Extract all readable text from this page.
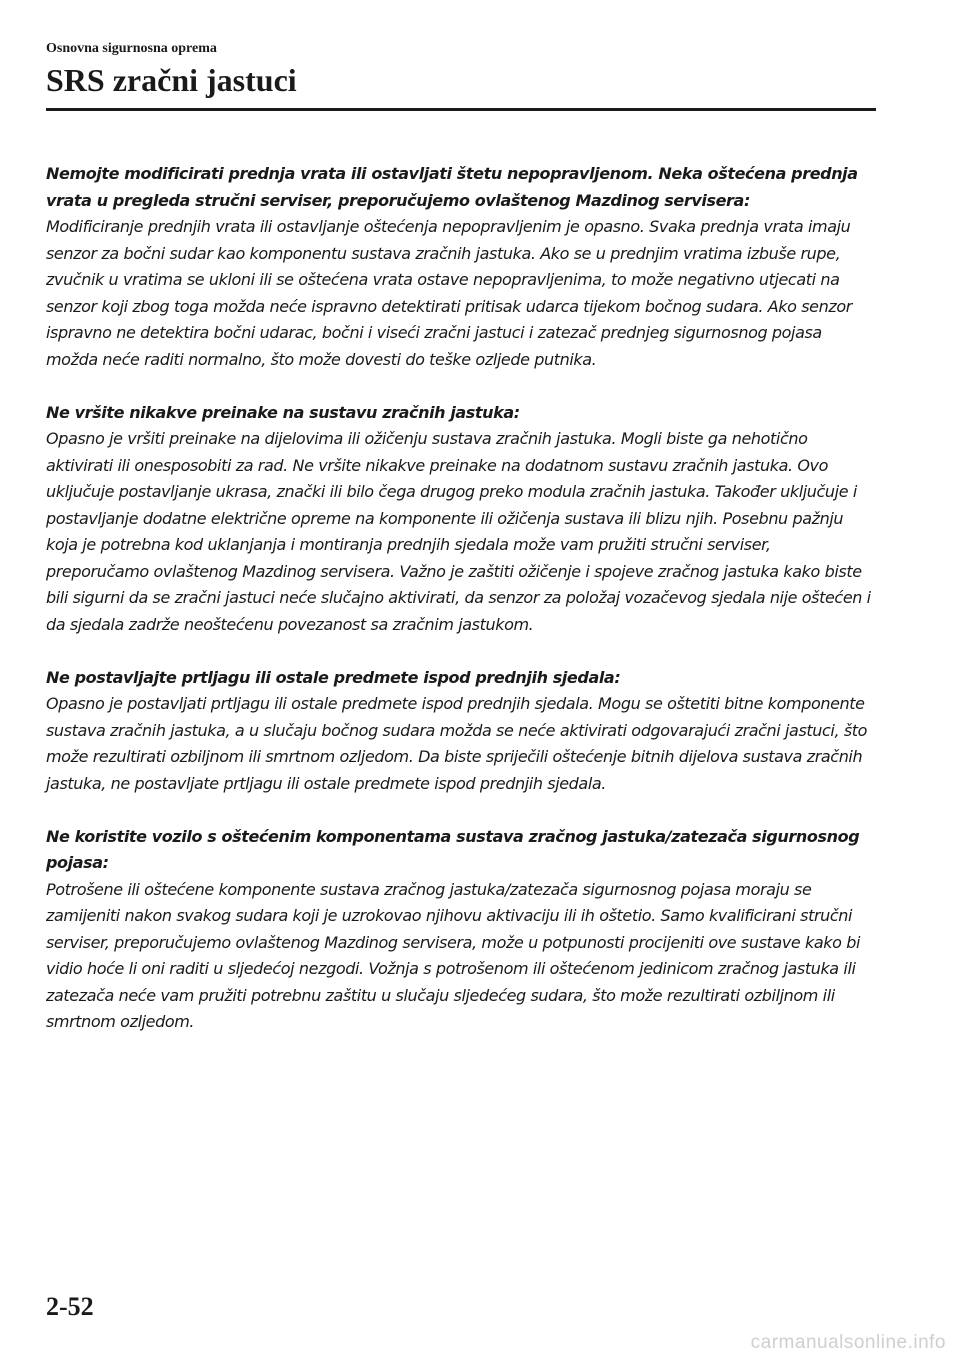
Osnovna sigurnosna oprema
SRS zračni jastuci
Nemojte modificirati prednja vrata ili ostavljati štetu nepopravljenom. Neka oštećena prednja vrata u pregleda stručni serviser, preporučujemo ovlaštenog Mazdinog servisera:

Modificiranje prednjih vrata ili ostavljanje oštećenja nepopravljenim je opasno. Svaka prednja vrata imaju senzor za bočni sudar kao komponentu sustava zračnih jastuka. Ako se u prednjim vratima izbuše rupe, zvučnik u vratima se ukloni ili se oštećena vrata ostave nepopravljenima, to može negativno utjecati na senzor koji zbog toga možda neće ispravno detektirati pritisak udarca tijekom bočnog sudara. Ako senzor ispravno ne detektira bočni udarac, bočni i viseći zračni jastuci i zatezač prednjeg sigurnosnog pojasa možda neće raditi normalno, što može dovesti do teške ozljede putnika.

Ne vršite nikakve preinake na sustavu zračnih jastuka:

Opasno je vršiti preinake na dijelovima ili ožičenju sustava zračnih jastuka. Mogli biste ga nehotično aktivirati ili onesposobiti za rad. Ne vršite nikakve preinake na dodatnom sustavu zračnih jastuka. Ovo uključuje postavljanje ukrasa, znački ili bilo čega drugog preko modula zračnih jastuka. Također uključuje i postavljanje dodatne električne opreme na komponente ili ožičenja sustava ili blizu njih. Posebnu pažnju koja je potrebna kod uklanjanja i montiranja prednjih sjedala može vam pružiti stručni serviser, preporučamo ovlaštenog Mazdinog servisera. Važno je zaštiti ožičenje i spojeve zračnog jastuka kako biste bili sigurni da se zračni jastuci neće slučajno aktivirati, da senzor za položaj vozačevog sjedala nije oštećen i da sjedala zadrže neoštećenu povezanost sa zračnim jastukom.

Ne postavljajte prtljagu ili ostale predmete ispod prednjih sjedala:

Opasno je postavljati prtljagu ili ostale predmete ispod prednjih sjedala. Mogu se oštetiti bitne komponente sustava zračnih jastuka, a u slučaju bočnog sudara možda se neće aktivirati odgovarajući zračni jastuci, što može rezultirati ozbiljnom ili smrtnom ozljedom. Da biste spriječili oštećenje bitnih dijelova sustava zračnih jastuka, ne postavljate prtljagu ili ostale predmete ispod prednjih sjedala.

Ne koristite vozilo s oštećenim komponentama sustava zračnog jastuka/zatezača sigurnosnog pojasa:

Potrošene ili oštećene komponente sustava zračnog jastuka/zatezača sigurnosnog pojasa moraju se zamijeniti nakon svakog sudara koji je uzrokovao njihovu aktivaciju ili ih oštetio. Samo kvalificirani stručni serviser, preporučujemo ovlaštenog Mazdinog servisera, može u potpunosti procijeniti ove sustave kako bi vidio hoće li oni raditi u sljedećoj nezgodi. Vožnja s potrošenom ili oštećenom jedinicom zračnog jastuka ili zatezača neće vam pružiti potrebnu zaštitu u slučaju sljedećeg sudara, što može rezultirati ozbiljnom ili smrtnom ozljedom.

2-52
carmanualsonline.info
